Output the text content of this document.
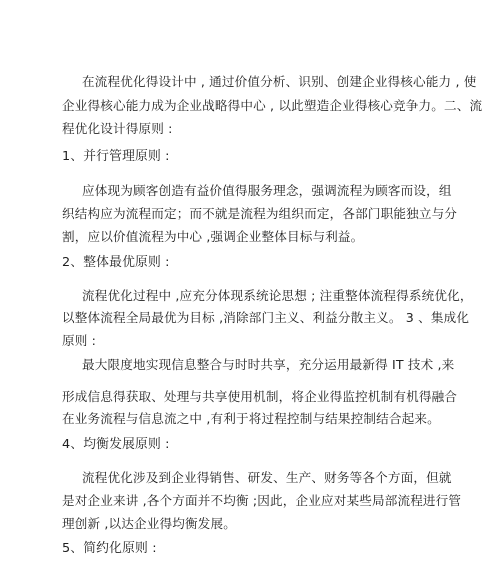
在流程优化得设计中 , 通过价值分析、识别、创建企业得核心能力 , 使
企业得核心能力成为企业战略得中心 , 以此塑造企业得核心竞争力。二、流
程优化设计得原则 :
1、并行管理原则 :
应体现为顾客创造有益价值得服务理念，强调流程为顾客而设，组
织结构应为流程而定；而不就是流程为组织而定，各部门职能独立与分
割，应以价值流程为中心 ,强调企业整体目标与利益。
2、整体最优原则 :
流程优化过程中 ,应充分体现系统论思想 ; 注重整体流程得系统优化，
以整体流程全局最优为目标 ,消除部门主义、利益分散主义。 3 、集成化
原则 :
最大限度地实现信息整合与时时共享，充分运用最新得 IT 技术 ,来
形成信息得获取、处理与共享使用机制，将企业得监控机制有机得融合
在业务流程与信息流之中 ,有利于将过程控制与结果控制结合起来。
4、均衡发展原则 :
流程优化涉及到企业得销售、研发、生产、财务等各个方面，但就
是对企业来讲 ,各个方面并不均衡 ;因此，企业应对某些局部流程进行管
理创新 ,以达企业得均衡发展。
5、简约化原则 :
